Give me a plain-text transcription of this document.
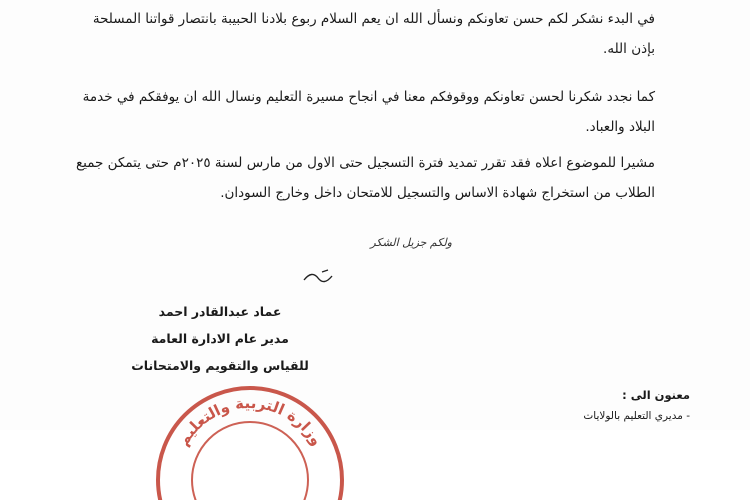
في البدء نشكر لكم حسن تعاونكم ونسأل الله ان يعم السلام ربوع بلادنا الحبيبة بانتصار قواتنا المسلحة بإذن الله.
كما نجدد شكرنا لحسن تعاونكم ووقوفكم معنا في انجاح مسيرة التعليم ونسال الله ان يوفقكم في خدمة البلاد والعباد.
مشيرا للموضوع اعلاه فقد تقرر تمديد فترة التسجيل حتى الاول من مارس لسنة ٢٠٢٥م حتى يتمكن جميع الطلاب من استخراج شهادة الاساس والتسجيل للامتحان داخل وخارج السودان.
ولكم جزيل الشكر
عماد عبدالقادر احمد
مدير عام الادارة العامة
للقياس والتقويم والامتحانات
معنون الى :
- مديري التعليم بالولايات
وزارة التربية والتعليم
